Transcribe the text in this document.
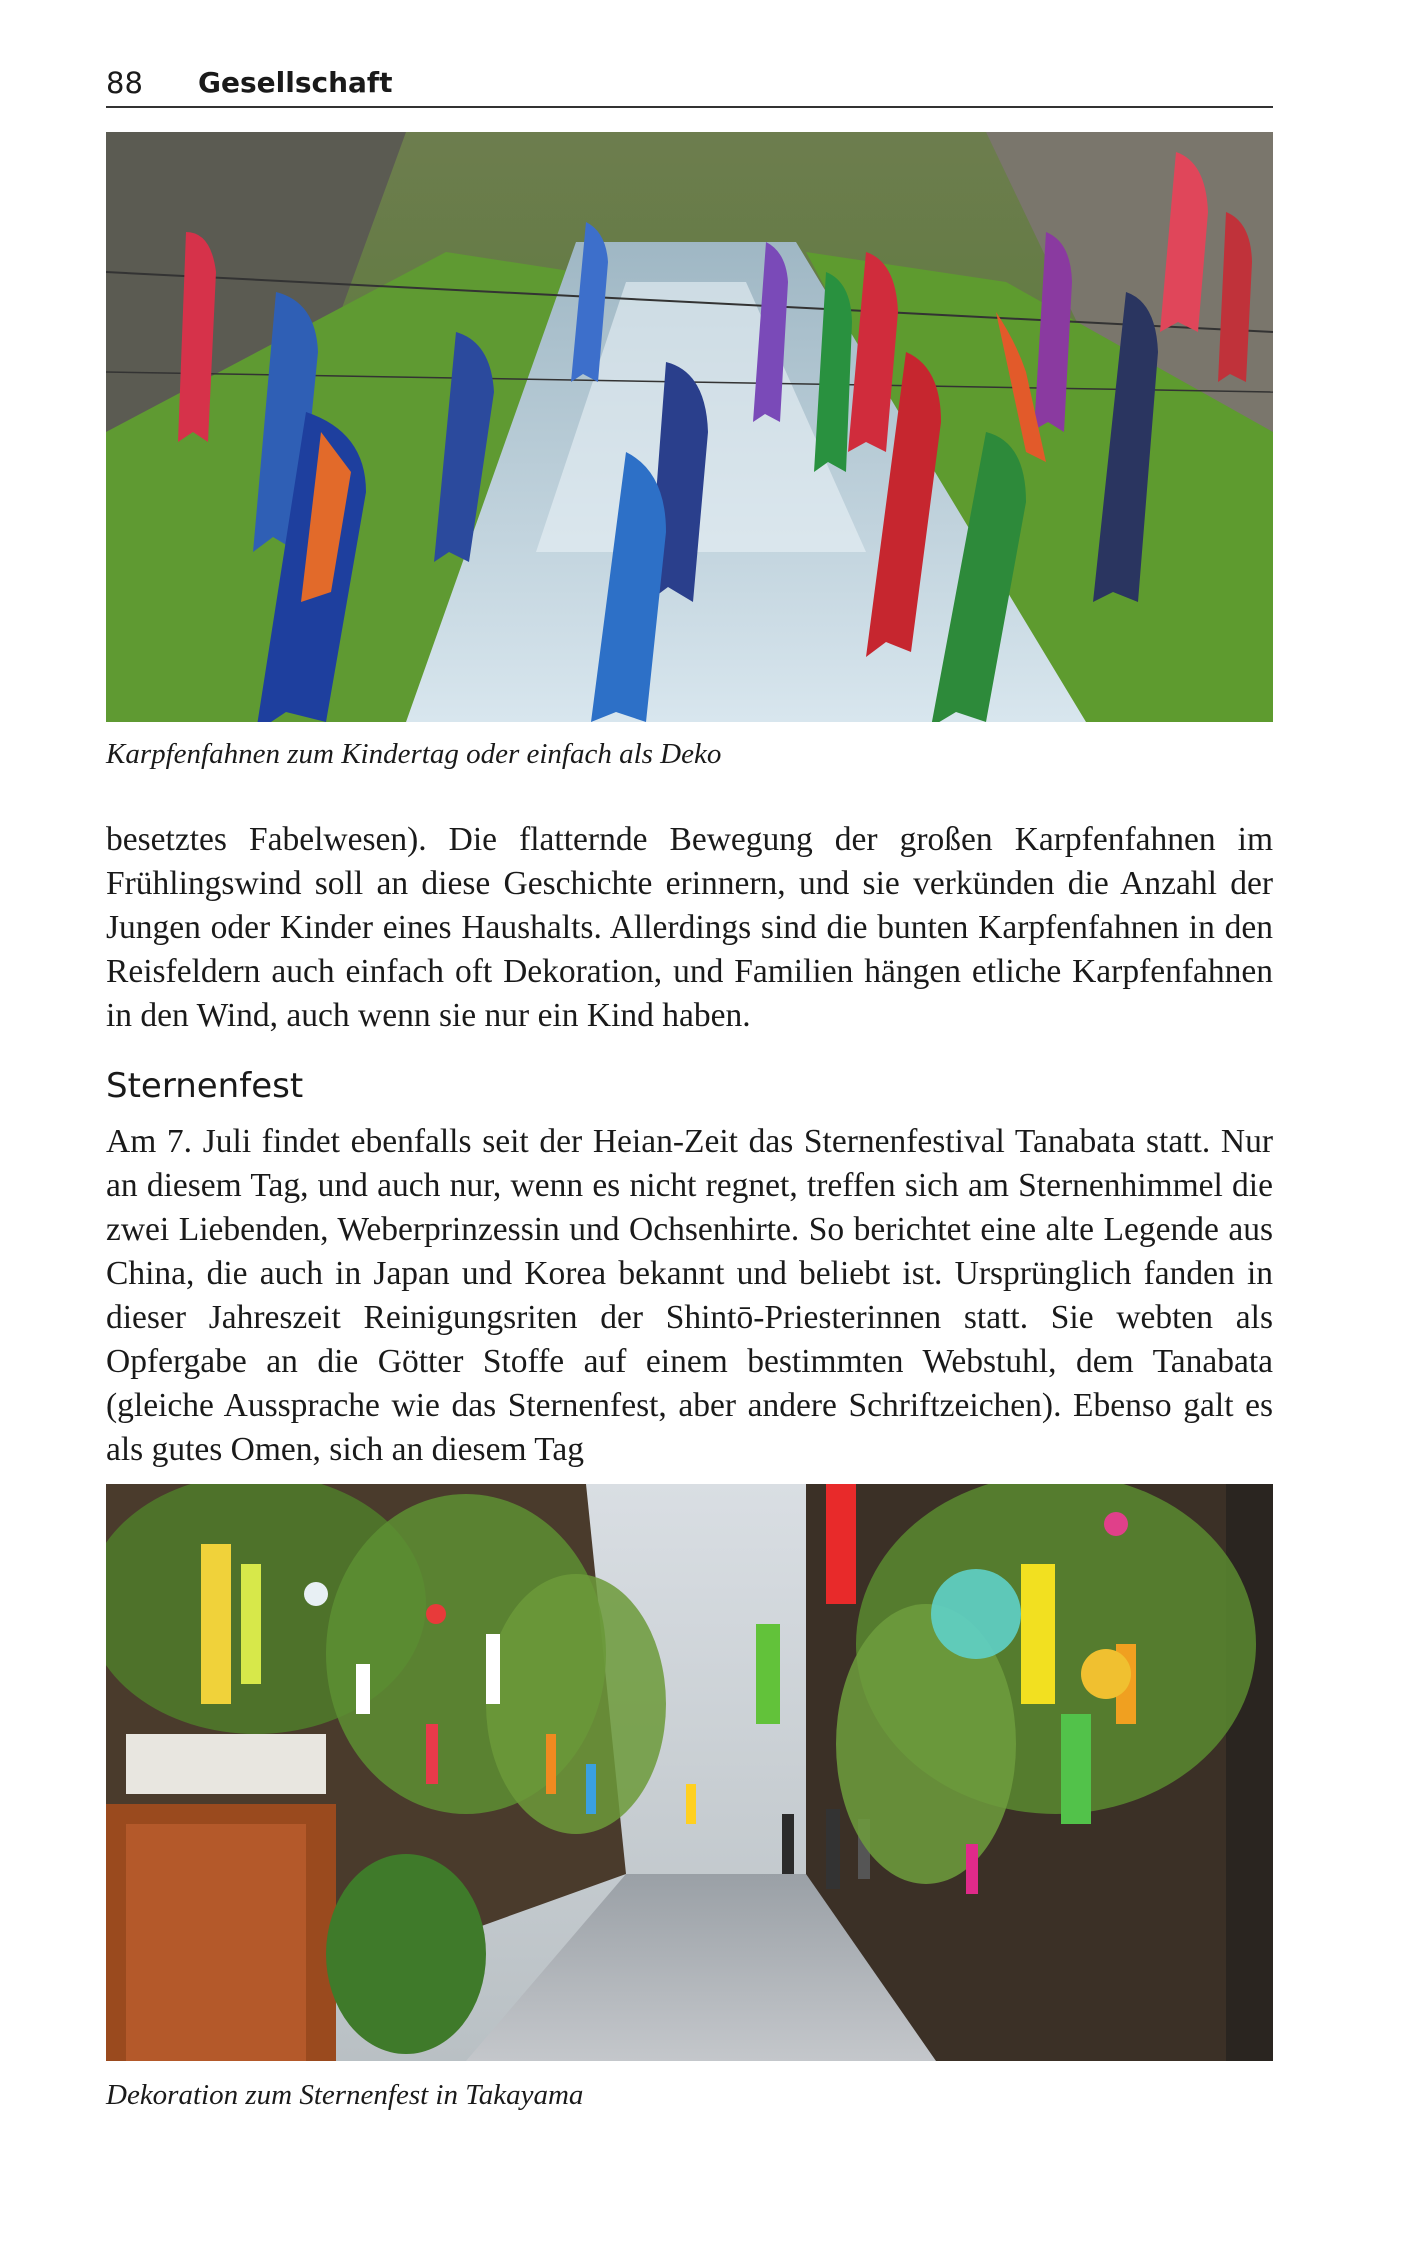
88 Gesellschaft
Karpfenfahnen zum Kindertag oder einfach als Deko

besetztes Fabelwesen). Die flatternde Bewegung der großen Karpfenfahnen im Frühlingswind soll an diese Geschichte erinnern, und sie verkünden die Anzahl der Jungen oder Kinder eines Haushalts. Allerdings sind die bunten Karpfenfahnen in den Reisfeldern auch einfach oft Dekoration, und Familien hängen etliche Karpfenfahnen in den Wind, auch wenn sie nur ein Kind haben.

Sternenfest

Am 7. Juli findet ebenfalls seit der Heian-Zeit das Sternenfestival Tanabata statt. Nur an diesem Tag, und auch nur, wenn es nicht regnet, treffen sich am Sternenhimmel die zwei Liebenden, Weberprinzessin und Ochsenhirte. So berichtet eine alte Legende aus China, die auch in Japan und Korea bekannt und beliebt ist. Ursprünglich fanden in dieser Jahreszeit Reinigungsriten der Shintō-Priesterinnen statt. Sie webten als Opfergabe an die Götter Stoffe auf einem bestimmten Webstuhl, dem Tanabata (gleiche Aussprache wie das Sternenfest, aber andere Schriftzeichen). Ebenso galt es als gutes Omen, sich an diesem Tag

Dekoration zum Sternenfest in Takayama
